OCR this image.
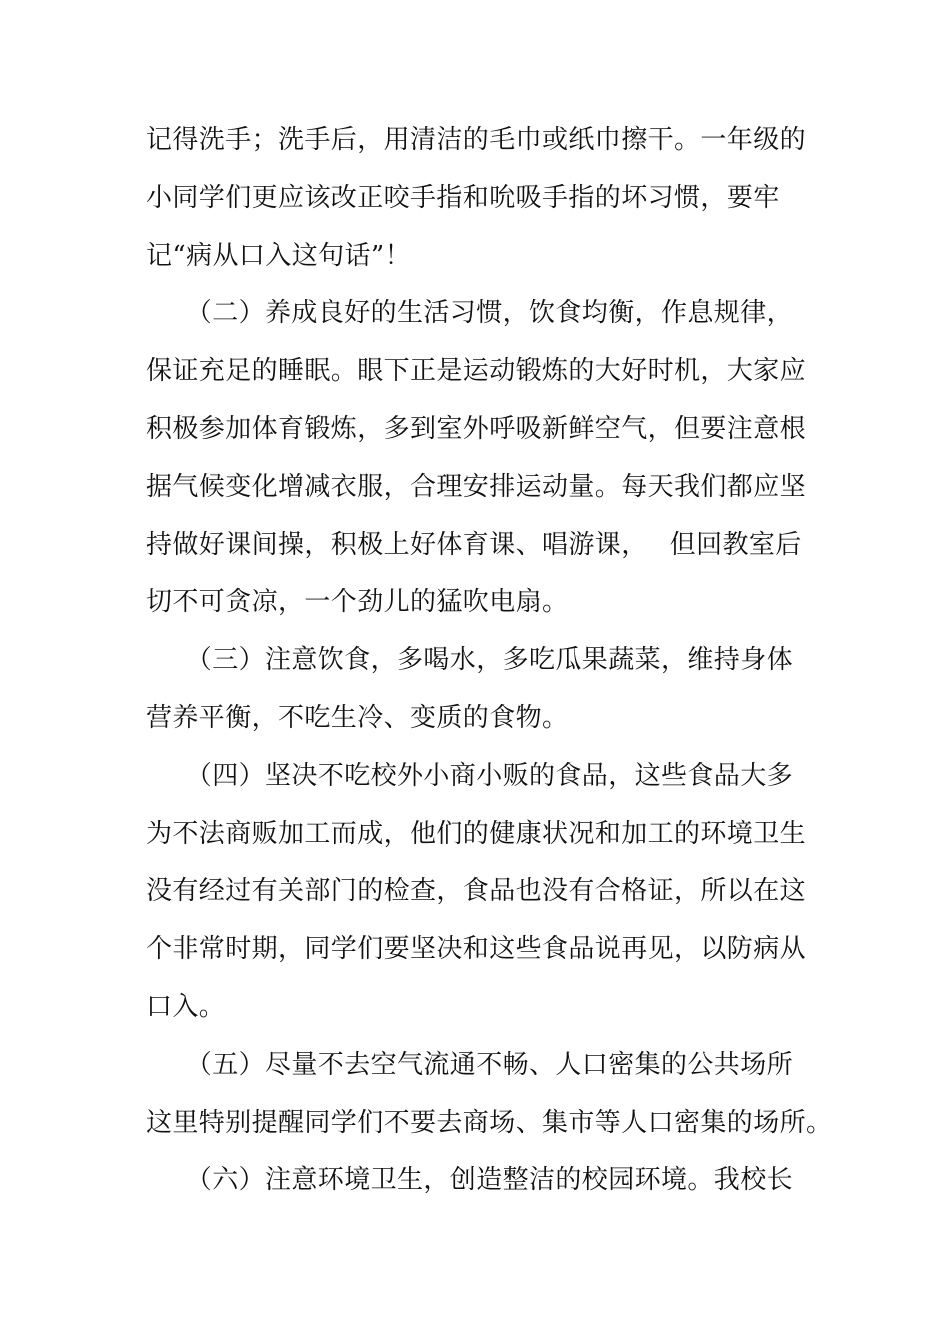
记得洗手；洗手后，用清洁的毛巾或纸巾擦干。一年级的
小同学们更应该改正咬手指和吮吸手指的坏习惯，要牢
记“病从口入这句话”！

　　（二）养成良好的生活习惯，饮食均衡，作息规律，
保证充足的睡眠。眼下正是运动锻炼的大好时机，大家应
积极参加体育锻炼，多到室外呼吸新鲜空气，但要注意根
据气候变化增减衣服，合理安排运动量。每天我们都应坚
持做好课间操，积极上好体育课、唱游课，　 但回教室后
切不可贪凉，一个劲儿的猛吹电扇。

　　（三）注意饮食，多喝水，多吃瓜果蔬菜，维持身体
营养平衡，不吃生冷、变质的食物。

　　（四）坚决不吃校外小商小贩的食品，这些食品大多
为不法商贩加工而成，他们的健康状况和加工的环境卫生
没有经过有关部门的检查，食品也没有合格证，所以在这
个非常时期，同学们要坚决和这些食品说再见，以防病从
口入。

　　（五）尽量不去空气流通不畅、人口密集的公共场所
这里特别提醒同学们不要去商场、集市等人口密集的场所。

　　（六）注意环境卫生，创造整洁的校园环境。我校长
